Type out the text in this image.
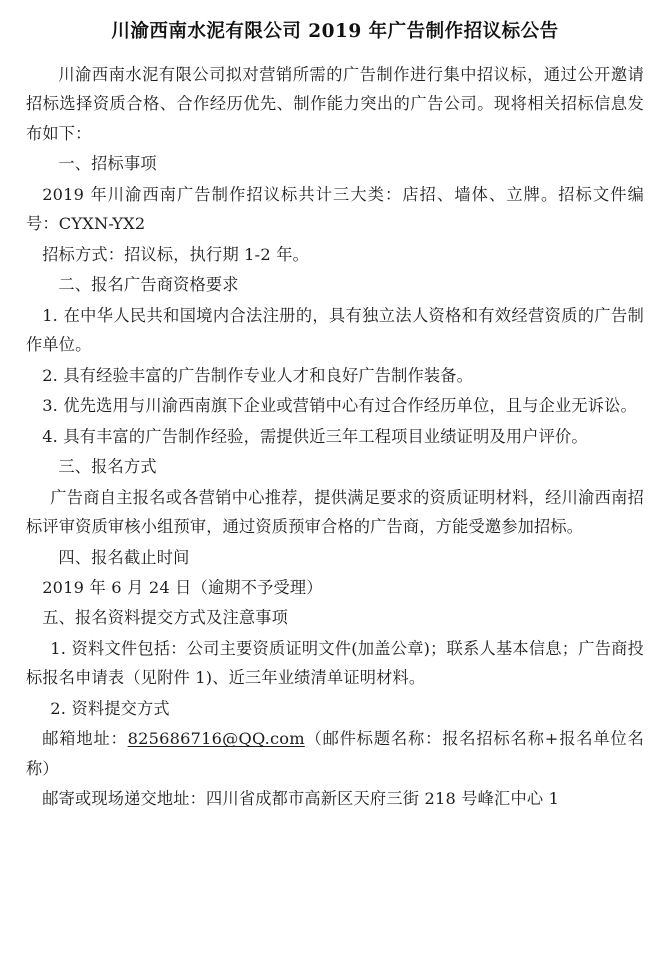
川渝西南水泥有限公司 2019 年广告制作招议标公告

川渝西南水泥有限公司拟对营销所需的广告制作进行集中招议标，通过公开邀请招标选择资质合格、合作经历优先、制作能力突出的广告公司。现将相关招标信息发布如下：

一、招标事项

2019 年川渝西南广告制作招议标共计三大类：店招、墙体、立牌。招标文件编号：CYXN-YX2

招标方式：招议标，执行期 1-2 年。

二、报名广告商资格要求

1. 在中华人民共和国境内合法注册的，具有独立法人资格和有效经营资质的广告制作单位。

2. 具有经验丰富的广告制作专业人才和良好广告制作装备。

3. 优先选用与川渝西南旗下企业或营销中心有过合作经历单位，且与企业无诉讼。

4. 具有丰富的广告制作经验，需提供近三年工程项目业绩证明及用户评价。

三、报名方式

广告商自主报名或各营销中心推荐，提供满足要求的资质证明材料，经川渝西南招标评审资质审核小组预审，通过资质预审合格的广告商，方能受邀参加招标。

四、报名截止时间

2019 年 6 月 24 日（逾期不予受理）

五、报名资料提交方式及注意事项

1. 资料文件包括：公司主要资质证明文件(加盖公章)；联系人基本信息；广告商投标报名申请表（见附件 1)、近三年业绩清单证明材料。

2. 资料提交方式

邮箱地址：825686716@QQ.com（邮件标题名称：报名招标名称+报名单位名称）

邮寄或现场递交地址：四川省成都市高新区天府三街 218 号峰汇中心 1
